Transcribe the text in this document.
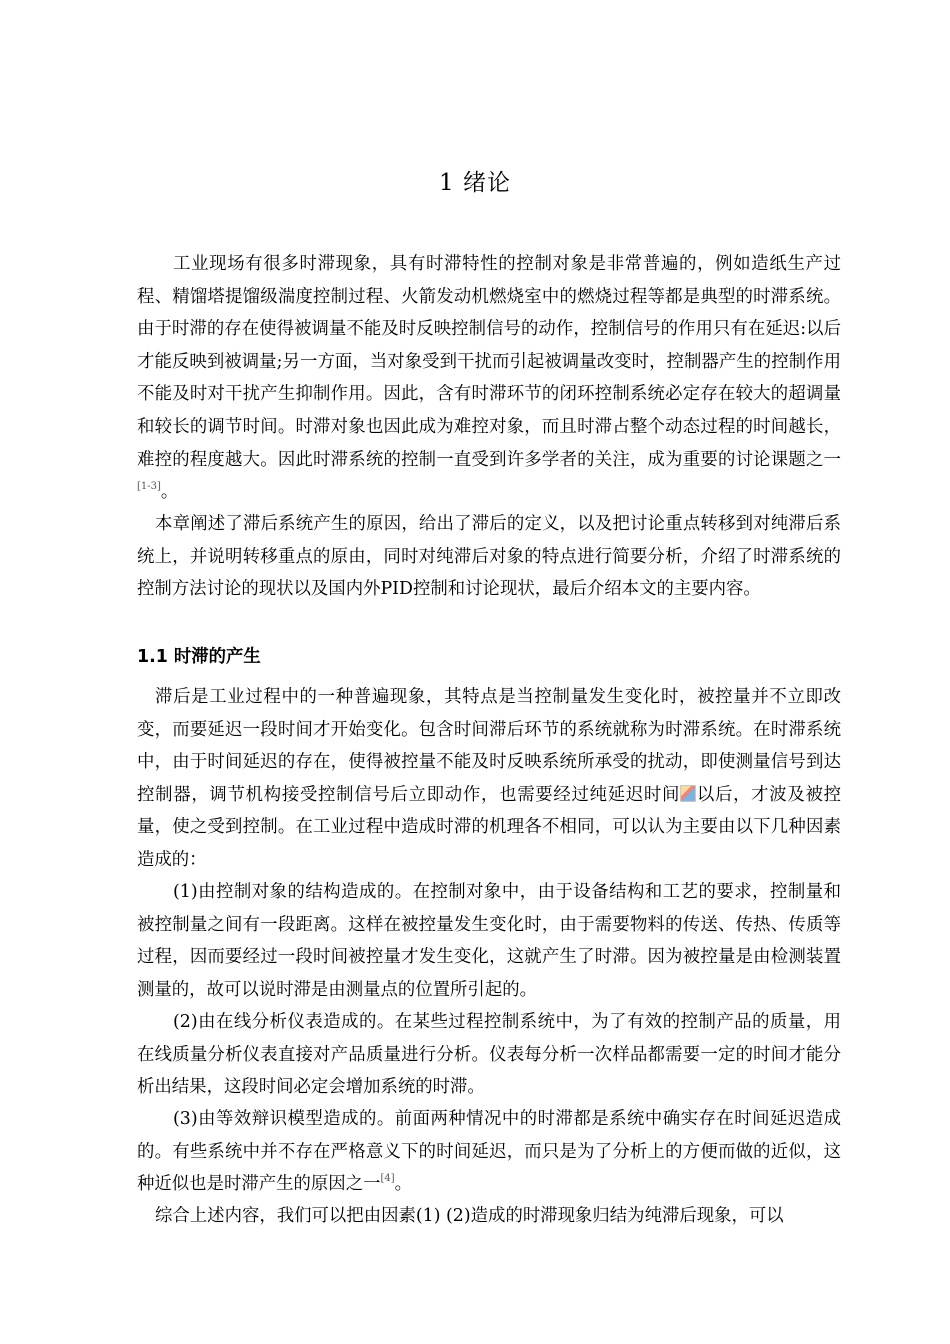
1 绪论

工业现场有很多时滞现象，具有时滞特性的控制对象是非常普遍的，例如造纸生产过程、精馏塔提馏级湍度控制过程、火箭发动机燃烧室中的燃烧过程等都是典型的时滞系统。由于时滞的存在使得被调量不能及时反映控制信号的动作，控制信号的作用只有在延迟:以后才能反映到被调量;另一方面，当对象受到干扰而引起被调量改变时，控制器产生的控制作用不能及时对干扰产生抑制作用。因此，含有时滞环节的闭环控制系统必定存在较大的超调量和较长的调节时间。时滞对象也因此成为难控对象，而且时滞占整个动态过程的时间越长，难控的程度越大。因此时滞系统的控制一直受到许多学者的关注，成为重要的讨论课题之一[1-3]。

本章阐述了滞后系统产生的原因，给出了滞后的定义，以及把讨论重点转移到对纯滞后系统上，并说明转移重点的原由，同时对纯滞后对象的特点进行简要分析，介绍了时滞系统的控制方法讨论的现状以及国内外PID控制和讨论现状，最后介绍本文的主要内容。

1.1 时滞的产生

滞后是工业过程中的一种普遍现象，其特点是当控制量发生变化时，被控量并不立即改变，而要延迟一段时间才开始变化。包含时间滞后环节的系统就称为时滞系统。在时滞系统中，由于时间延迟的存在，使得被控量不能及时反映系统所承受的扰动，即使测量信号到达控制器，调节机构接受控制信号后立即动作，也需要经过纯延迟时间 以后，才波及被控量，使之受到控制。在工业过程中造成时滞的机理各不相同，可以认为主要由以下几种因素造成的：

(1)由控制对象的结构造成的。在控制对象中，由于设备结构和工艺的要求，控制量和被控制量之间有一段距离。这样在被控量发生变化时，由于需要物料的传送、传热、传质等过程，因而要经过一段时间被控量才发生变化，这就产生了时滞。因为被控量是由检测装置测量的，故可以说时滞是由测量点的位置所引起的。

(2)由在线分析仪表造成的。在某些过程控制系统中，为了有效的控制产品的质量，用在线质量分析仪表直接对产品质量进行分析。仪表每分析一次样品都需要一定的时间才能分析出结果，这段时间必定会增加系统的时滞。

(3)由等效辩识模型造成的。前面两种情况中的时滞都是系统中确实存在时间延迟造成的。有些系统中并不存在严格意义下的时间延迟，而只是为了分析上的方便而做的近似，这种近似也是时滞产生的原因之一[4]。

综合上述内容，我们可以把由因素(1) (2)造成的时滞现象归结为纯滞后现象，可以
